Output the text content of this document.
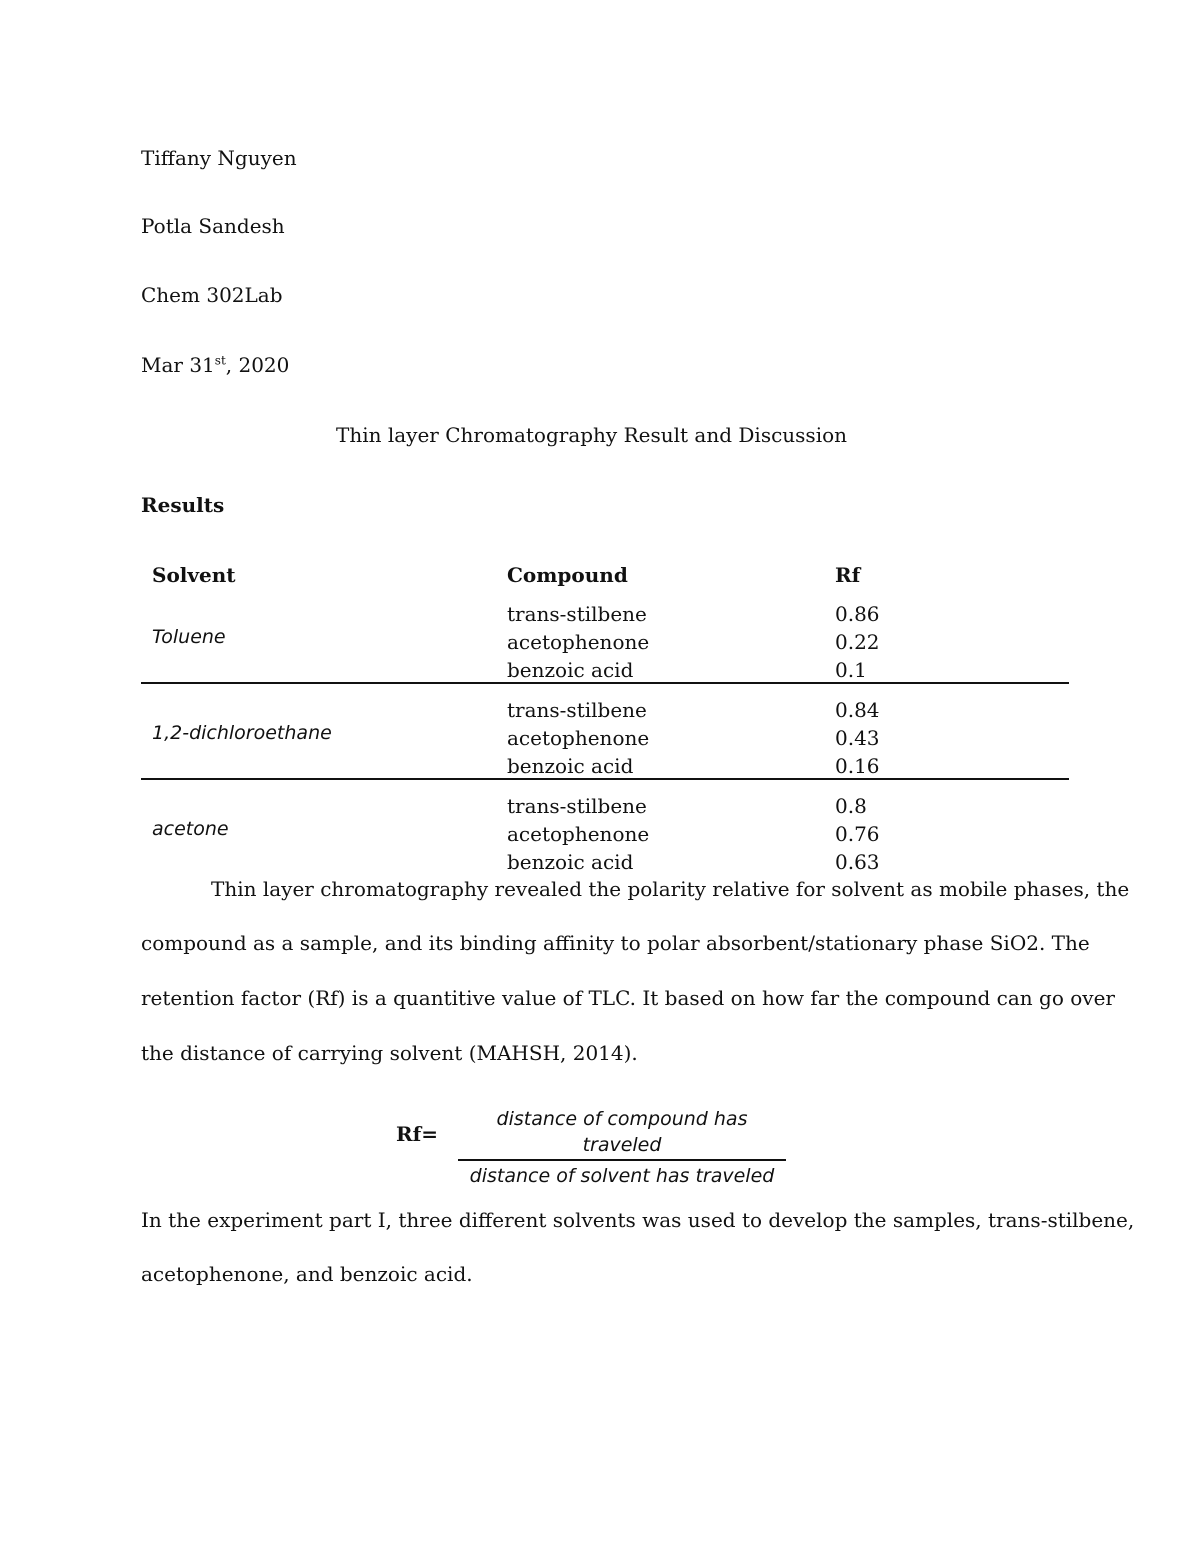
Tiffany Nguyen
Potla Sandesh
Chem 302Lab
Mar 31st, 2020
Thin layer Chromatography Result and Discussion
Results
Solvent	Compound	Rf
Toluene
trans-stilbene	0.86
acetophenone	0.22
benzoic acid	0.1
1,2-dichloroethane
trans-stilbene	0.84
acetophenone	0.43
benzoic acid	0.16
acetone
trans-stilbene	0.8
acetophenone	0.76
benzoic acid	0.63
Thin layer chromatography revealed the polarity relative for solvent as mobile phases, the
compound as a sample, and its binding affinity to polar absorbent/stationary phase SiO2. The
retention factor (Rf) is a quantitive value of TLC. It based on how far the compound can go over
the distance of carrying solvent (MAHSH, 2014).
Rf=
distance of compound has traveled
distance of solvent has traveled
In the experiment part I, three different solvents was used to develop the samples, trans-stilbene,
acetophenone, and benzoic acid.
